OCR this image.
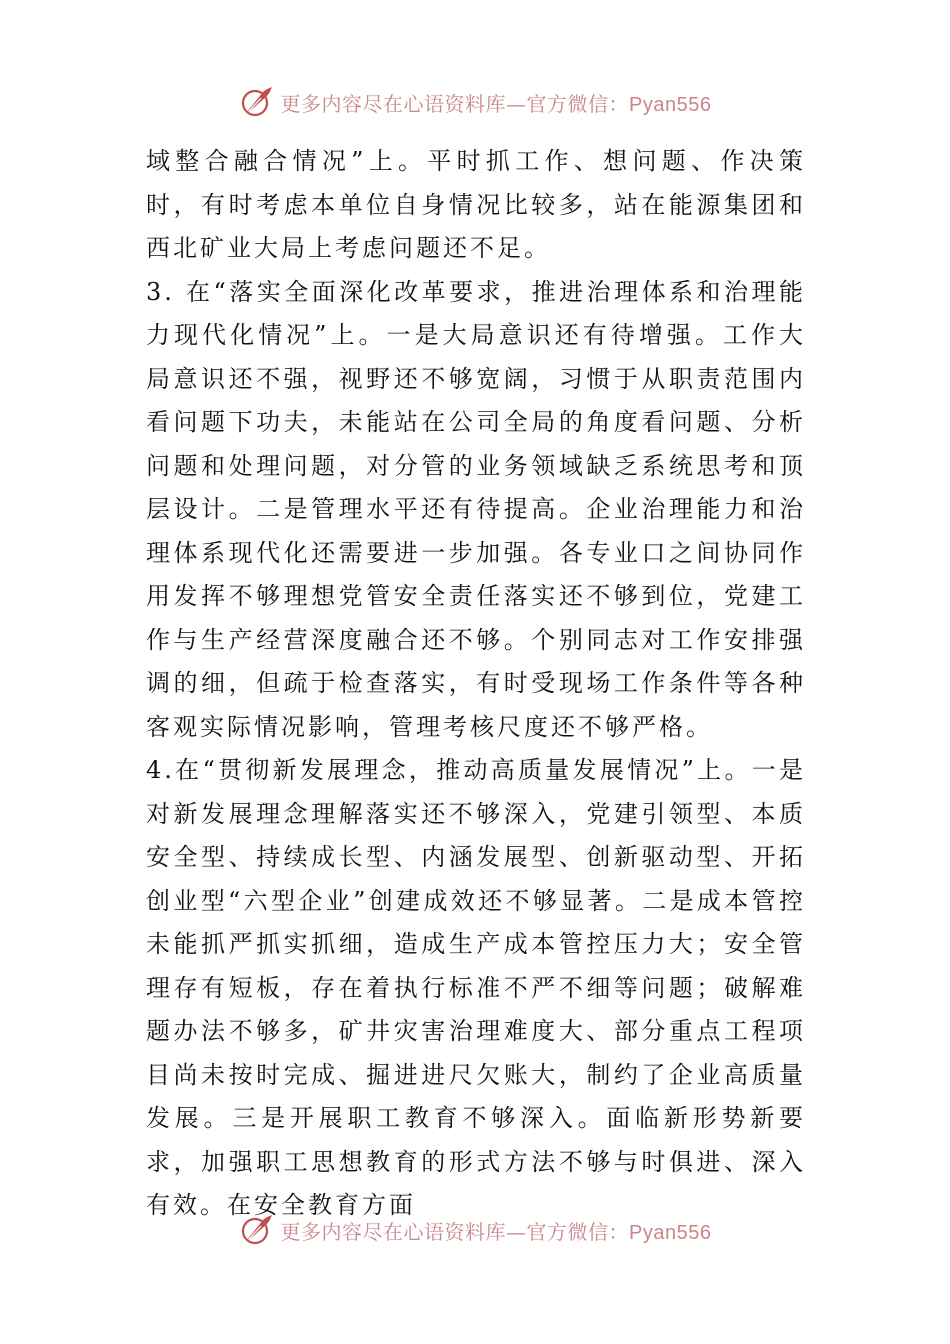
更多内容尽在心语资料库—官方微信：Pyan556

域整合融合情况”上。平时抓工作、想问题、作决策时，有时考虑本单位自身情况比较多，站在能源集团和西北矿业大局上考虑问题还不足。

3. 在“落实全面深化改革要求，推进治理体系和治理能力现代化情况”上。一是大局意识还有待增强。工作大局意识还不强，视野还不够宽阔，习惯于从职责范围内看问题下功夫，未能站在公司全局的角度看问题、分析问题和处理问题，对分管的业务领域缺乏系统思考和顶层设计。二是管理水平还有待提高。企业治理能力和治理体系现代化还需要进一步加强。各专业口之间协同作用发挥不够理想党管安全责任落实还不够到位，党建工作与生产经营深度融合还不够。个别同志对工作安排强调的细，但疏于检查落实，有时受现场工作条件等各种客观实际情况影响，管理考核尺度还不够严格。

4.在“贯彻新发展理念，推动高质量发展情况”上。一是对新发展理念理解落实还不够深入，党建引领型、本质安全型、持续成长型、内涵发展型、创新驱动型、开拓创业型“六型企业”创建成效还不够显著。二是成本管控未能抓严抓实抓细，造成生产成本管控压力大；安全管理存有短板，存在着执行标准不严不细等问题；破解难题办法不够多，矿井灾害治理难度大、部分重点工程项目尚未按时完成、掘进进尺欠账大，制约了企业高质量发展。三是开展职工教育不够深入。面临新形势新要求，加强职工思想教育的形式方法不够与时俱进、深入有效。在安全教育方面

更多内容尽在心语资料库—官方微信：Pyan556
